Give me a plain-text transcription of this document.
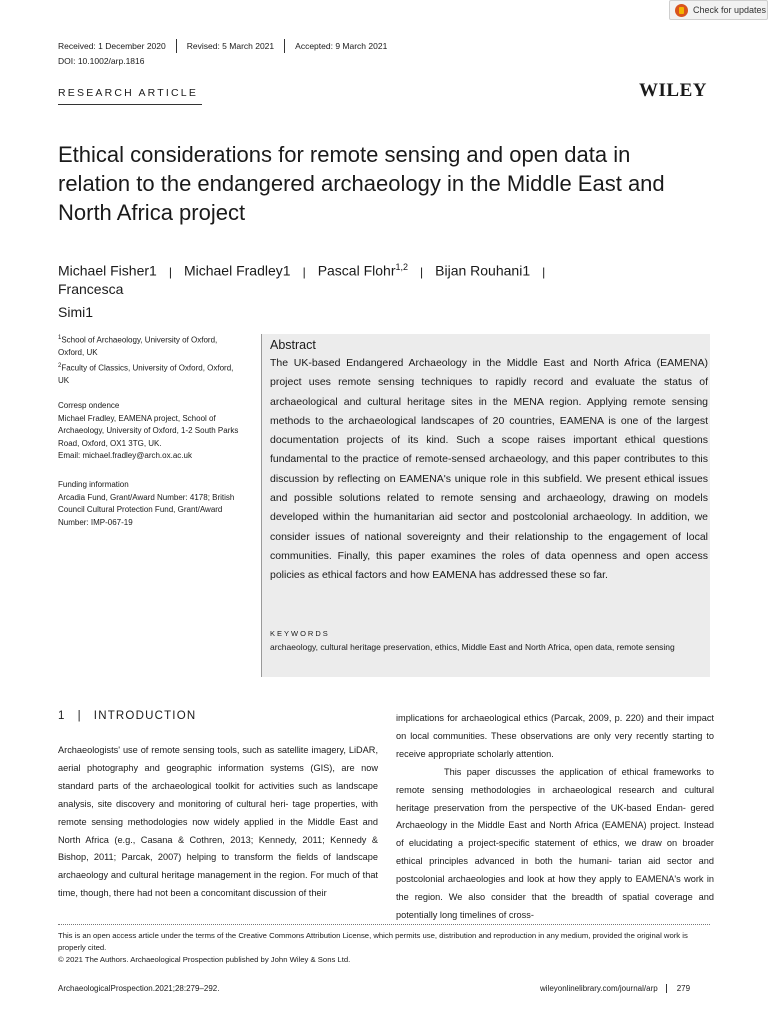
Check for updates
Received: 1 December 2020	Revised: 5 March 2021	Accepted: 9 March 2021
DOI: 10.1002/arp.1816
RESEARCH ARTICLE	WILEY
Ethical considerations for remote sensing and open data in relation to the endangered archaeology in the Middle East and North Africa project
Michael Fisher1 | Michael Fradley1 | Pascal Flohr$^{1,2}$ | Bijan Rouhani1 |
Francesca
Simi1
$^1$School of Archaeology, University of Oxford, Oxford, UK
$^2$Faculty of Classics, University of Oxford, Oxford, UK
Corresp ondence
Michael Fradley, EAMENA project, School of Archaeology, University of Oxford, 1-2 South Parks Road, Oxford, OX1 3TG, UK.
Email: michael.fradley@arch.ox.ac.uk
Funding information
Arcadia Fund, Grant/Award Number: 4178; British Council Cultural Protection Fund, Grant/Award Number: IMP-067-19
Abstract
The UK-based Endangered Archaeology in the Middle East and North Africa (EAMENA) project uses remote sensing techniques to rapidly record and evaluate the status of archaeological and cultural heritage sites in the MENA region. Applying remote sensing methods to the archaeological landscapes of 20 countries, EAMENA is one of the largest documentation projects of its kind. Such a scope raises important ethical questions fundamental to the practice of remote-sensed archaeology, and this paper contributes to this discussion by reflecting on EAMENA's unique role in this subfield. We present ethical issues and possible solutions related to remote sensing and archaeology, drawing on models developed within the humanitarian aid sector and postcolonial archaeology. In addition, we consider issues of national sovereignty and their relationship to the engagement of local communities. Finally, this paper examines the roles of data openness and open access policies as ethical factors and how EAMENA has addressed these so far.
KEYWORDS
archaeology, cultural heritage preservation, ethics, Middle East and North Africa, open data, remote sensing
1 | INTRODUCTION
Archaeologists' use of remote sensing tools, such as satellite imagery, LiDAR, aerial photography and geographic information systems (GIS), are now standard parts of the archaeological toolkit for activities such as landscape analysis, site discovery and monitoring of cultural heri- tage properties, with remote sensing methodologies now widely applied in the Middle East and North Africa (e.g., Casana & Cothren, 2013; Kennedy, 2011; Kennedy & Bishop, 2011; Parcak, 2007) helping to transform the fields of landscape archaeology and cultural heritage management in the region. For much of that time, though, there had not been a concomitant discussion of their
implications for archaeological ethics (Parcak, 2009, p. 220) and their impact on local communities. These observations are only very recently starting to receive appropriate scholarly attention.
This paper discusses the application of ethical frameworks to remote sensing methodologies in archaeological research and cultural heritage preservation from the perspective of the UK-based Endan- gered Archaeology in the Middle East and North Africa (EAMENA) project. Instead of elucidating a project-specific statement of ethics, we draw on broader ethical principles advanced in both the humani- tarian aid sector and postcolonial archaeologies and look at how they apply to EAMENA's work in the region. We also consider that the breadth of spatial coverage and potentially long timelines of cross-
This is an open access article under the terms of the Creative Commons Attribution License, which permits use, distribution and reproduction in any medium, provided the original work is properly cited.
© 2021 The Authors. Archaeological Prospection published by John Wiley & Sons Ltd.
ArchaeologicalProspection.2021;28:279–292.	wileyonlinelibrary.com/journal/arp	279
